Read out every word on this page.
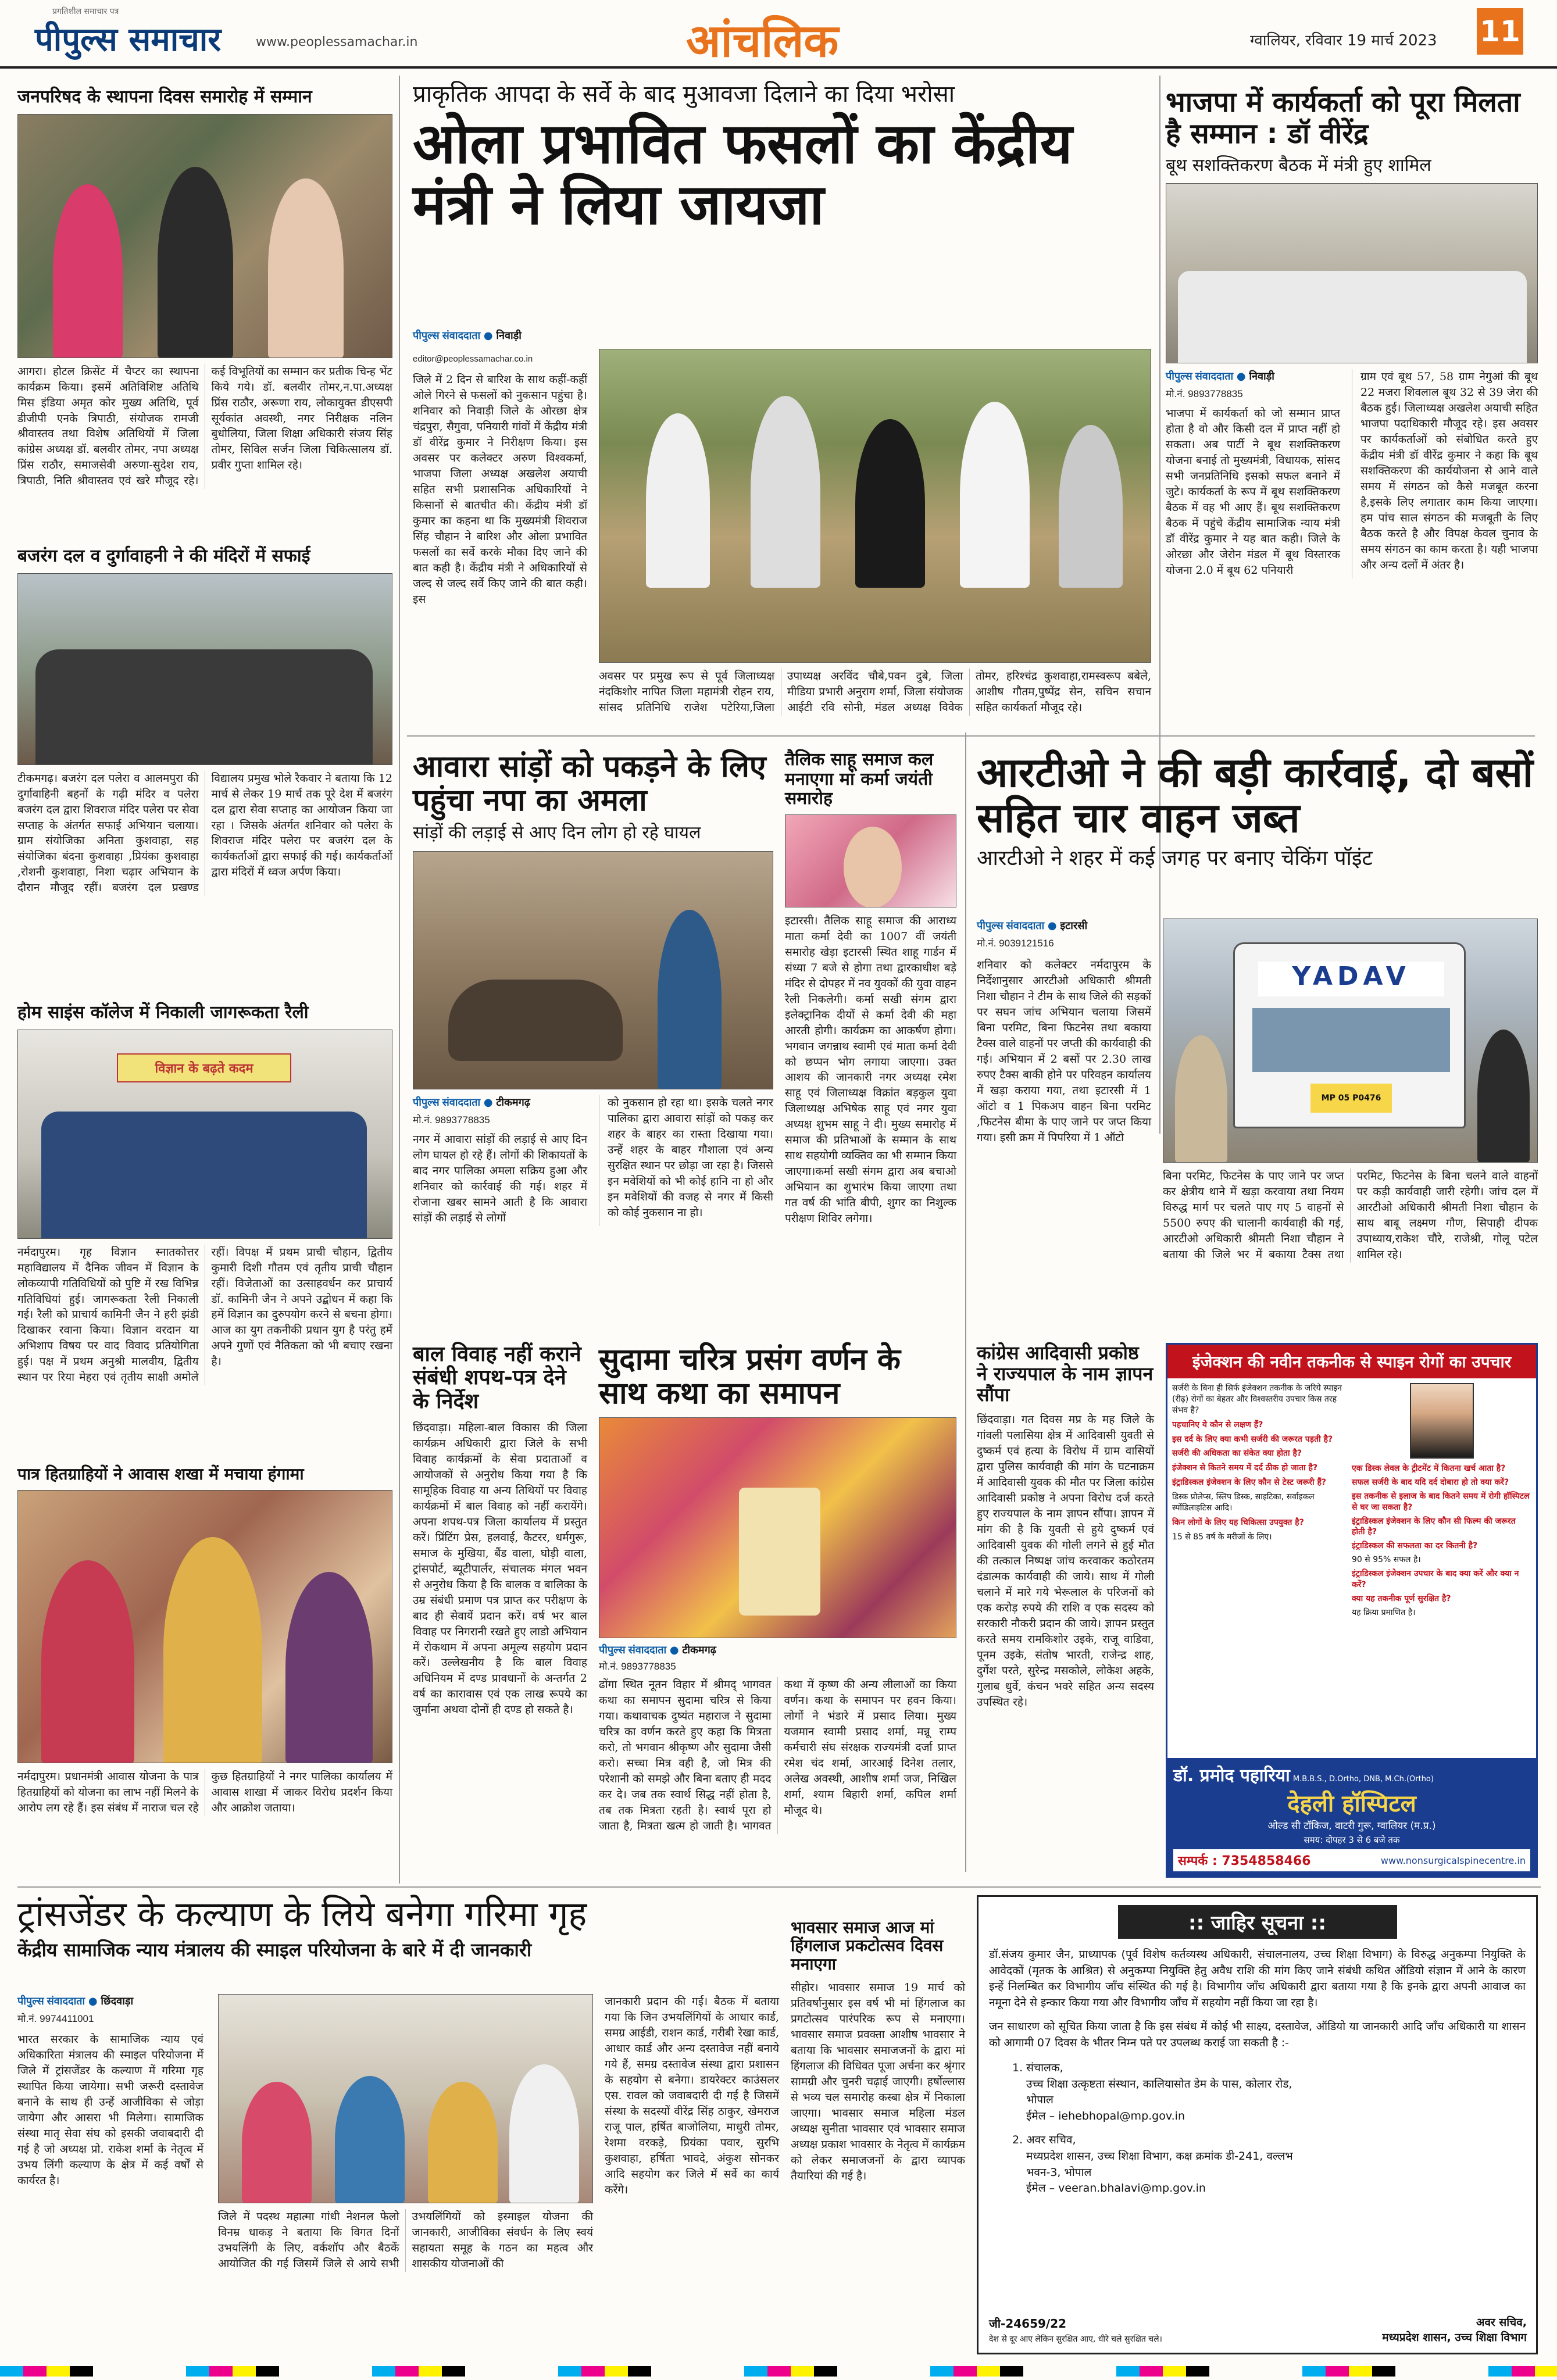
प्रगतिशील समाचार पत्र
पीपुल्स समाचार	www.peoplessamachar.in	आंचलिक	ग्वालियर, रविवार 19 मार्च 2023 11
जनपरिषद के स्थापना दिवस समारोह में सम्मान
आगरा। होटल क्रिसेंट में चैप्टर का स्थापना कार्यक्रम किया। इसमें अतिविशिष्ट अतिथि मिस इंडिया अमृत कोर मुख्य अतिथि, पूर्व डीजीपी एनके त्रिपाठी, संयोजक रामजी श्रीवास्तव तथा विशेष अतिथियों में जिला कांग्रेस अध्यक्ष डॉ. बलवीर तोमर, नपा अध्यक्ष प्रिंस राठौर, समाजसेवी अरुणा-सुदेश राय, त्रिपाठी, निति श्रीवास्तव एवं खरे मौजूद रहे।कई विभूतियों का सम्मान कर प्रतीक चिन्ह भेंट किये गये। डॉ. बलवीर तोमर,न.पा.अध्यक्ष प्रिंस राठौर, अरूणा राय, लोकायुक्त डीएसपी सूर्यकांत अवस्थी, नगर निरीक्षक नलिन बुधोलिया, जिला शिक्षा अधिकारी संजय सिंह तोमर, सिविल सर्जन जिला चिकित्सालय डॉ. प्रवीर गुप्ता शामिल रहे।
बजरंग दल व दुर्गावाहनी ने की मंदिरों में सफाई
टीकमगढ़। बजरंग दल पलेरा व आलमपुरा की दुर्गावाहिनी बहनों के गढ़ी मंदिर व पलेरा बजरंग दल द्वारा शिवराज मंदिर पलेरा पर सेवा सप्ताह के अंतर्गत सफाई अभियान चलाया। ग्राम संयोजिका अनिता कुशवाहा, सह संयोजिका बंदना कुशवाहा ,प्रियंका कुशवाहा ,रोशनी कुशवाहा, निशा चढ़ार अभियान के दौरान मौजूद रहीं। बजरंग दल प्रखण्ड विद्यालय प्रमुख भोले रैकवार ने बताया कि 12 मार्च से लेकर 19 मार्च तक पूरे देश में बजरंग दल द्वारा सेवा सप्ताह का आयोजन किया जा रहा । जिसके अंतर्गत शनिवार को पलेरा के शिवराज मंदिर पलेरा पर बजरंग दल के कार्यकर्ताओं द्वारा सफाई की गई। कार्यकर्ताओं द्वारा मंदिरों में ध्वज अर्पण किया।
होम साइंस कॉलेज में निकाली जागरूकता रैली
विज्ञान के बढ़ते कदम
नर्मदापुरम। गृह विज्ञान स्नातकोत्तर महाविद्यालय में दैनिक जीवन में विज्ञान के लोकव्यापी गतिविधियों को पुष्टि में रख विभिन्न गतिविधियां हुई। जागरूकता रैली निकाली गई। रैली को प्राचार्य कामिनी जैन ने हरी झंडी दिखाकर रवाना किया। विज्ञान वरदान या अभिशाप विषय पर वाद विवाद प्रतियोगिता हुई। पक्ष में प्रथम अनुश्री मालवीय, द्वितीय स्थान पर रिया मेहरा एवं तृतीय साक्षी अमोले रहीं। विपक्ष में प्रथम प्राची चौहान, द्वितीय कुमारी दिशी गौतम एवं तृतीय प्राची चौहान रहीं। विजेताओं का उत्साहवर्धन कर प्राचार्य डॉ. कामिनी जैन ने अपने उद्बोधन में कहा कि हमें विज्ञान का दुरुपयोग करने से बचना होगा। आज का युग तकनीकी प्रधान युग है परंतु हमें अपने गुणों एवं नैतिकता को भी बचाए रखना है।
पात्र हितग्राहियों ने आवास शखा में मचाया हंगामा
नर्मदापुरम। प्रधानमंत्री आवास योजना के पात्र हितग्राहियों को योजना का लाभ नहीं मिलने के आरोप लग रहे हैं। इस संबंध में नाराज चल रहे कुछ हितग्राहियों ने नगर पालिका कार्यालय में आवास शाखा में जाकर विरोध प्रदर्शन किया और आक्रोश जताया।
प्राकृतिक आपदा के सर्वे के बाद मुआवजा दिलाने का दिया भरोसा
ओला प्रभावित फसलों का केंद्रीय मंत्री ने लिया जायजा
पीपुल्स संवाददाता ● निवाड़ी
editor@peoplessamachar.co.in
जिले में 2 दिन से बारिश के साथ कहीं-कहीं ओले गिरने से फसलों को नुकसान पहुंचा है। शनिवार को निवाड़ी जिले के ओरछा क्षेत्र चंद्रपुरा, सैगुवा, पनियारी गांवों में केंद्रीय मंत्री डॉ वीरेंद्र कुमार ने निरीक्षण किया। इस अवसर पर कलेक्टर अरुण विश्वकर्मा, भाजपा जिला अध्यक्ष अखलेश अयाची सहित सभी प्रशासनिक अधिकारियों ने किसानों से बातचीत की। केंद्रीय मंत्री डॉ कुमार का कहना था कि मुख्यमंत्री शिवराज सिंह चौहान ने बारिश और ओला प्रभावित फसलों का सर्वे करके मौका दिए जाने की बात कही है। केंद्रीय मंत्री ने अधिकारियों से जल्द से जल्द सर्वे किए जाने की बात कही। इस
अवसर पर प्रमुख रूप से पूर्व जिलाध्यक्ष नंदकिशोर नापित जिला महामंत्री रोहन राय, सांसद प्रतिनिधि राजेश पटेरिया,जिला उपाध्यक्ष अरविंद चौबे,पवन दुबे, जिला मीडिया प्रभारी अनुराग शर्मा, जिला संयोजक आईटी रवि सोनी, मंडल अध्यक्ष विवेक तोमर, हरिश्चंद्र कुशवाहा,रामस्वरूप बबेले, आशीष गौतम,पुष्पेंद्र सेन, सचिन सचान सहित कार्यकर्ता मौजूद रहे।
भाजपा में कार्यकर्ता को पूरा मिलता है सम्मान : डॉ वीरेंद्र
बूथ सशक्तिकरण बैठक में मंत्री हुए शामिल
पीपुल्स संवाददाता ● निवाड़ी
मो.नं. 9893778835
भाजपा में कार्यकर्ता को जो सम्मान प्राप्त होता है वो और किसी दल में प्राप्त नहीं हो सकता। अब पार्टी ने बूथ सशक्तिकरण योजना बनाई तो मुख्यमंत्री, विधायक, सांसद सभी जनप्रतिनिधि इसको सफल बनाने में जुटे। कार्यकर्ता के रूप में बूथ सशक्तिकरण बैठक में वह भी आए हैं। बूथ सशक्तिकरण बैठक में पहुंचे केंद्रीय सामाजिक न्याय मंत्री डॉ वीरेंद्र कुमार ने यह बात कही। जिले के ओरछा और जेरोन मंडल में बूथ विस्तारक योजना 2.0 में बूथ 62 पनियारी
ग्राम एवं बूथ 57, 58 ग्राम नेगुआं की बूथ 22 मजरा शिवलाल बूथ 32 से 39 जेरा की बैठक हुई। जिलाध्यक्ष अखलेश अयाची सहित भाजपा पदाधिकारी मौजूद रहे। इस अवसर पर कार्यकर्ताओं को संबोधित करते हुए केंद्रीय मंत्री डॉ वीरेंद्र कुमार ने कहा कि बूथ सशक्तिकरण की कार्ययोजना से आने वाले समय में संगठन को कैसे मजबूत करना है,इसके लिए लगातार काम किया जाएगा। हम पांच साल संगठन की मजबूती के लिए बैठक करते है और विपक्ष केवल चुनाव के समय संगठन का काम करता है। यही भाजपा और अन्य दलों में अंतर है।
आवारा सांड़ों को पकड़ने के लिए पहुंचा नपा का अमला
सांड़ों की लड़ाई से आए दिन लोग हो रहे घायल
पीपुल्स संवाददाता ● टीकमगढ़
मो.नं. 9893778835
नगर में आवारा सांड़ों की लड़ाई से आए दिन लोग घायल हो रहे हैं। लोगों की शिकायतों के बाद नगर पालिका अमला सक्रिय हुआ और शनिवार को कार्रवाई की गई। शहर में रोजाना खबर सामने आती है कि आवारा सांड़ों की लड़ाई से लोगों
को नुकसान हो रहा था। इसके चलते नगर पालिका द्वारा आवारा सांड़ों को पकड़ कर शहर के बाहर का रास्ता दिखाया गया। उन्हें शहर के बाहर गौशाला एवं अन्य सुरक्षित स्थान पर छोड़ा जा रहा है। जिससे इन मवेशियों को भी कोई हानि ना हो और इन मवेशियों की वजह से नगर में किसी को कोई नुकसान ना हो।
तैलिक साहू समाज कल मनाएगा मां कर्मा जयंती समारोह
इटारसी। तैलिक साहू समाज की आराध्य माता कर्मा देवी का 1007 वीं जयंती समारोह खेड़ा इटारसी स्थित शाहू गार्डन में संध्या 7 बजे से होगा तथा द्वारकाधीश बड़े मंदिर से दोपहर में नव युवकों की युवा वाहन रैली निकलेगी। कर्मा सखी संगम द्वारा इलेक्ट्रानिक दीयों से कर्मा देवी की महा आरती होगी। कार्यक्रम का आकर्षण होगा। भगवान जगन्नाथ स्वामी एवं माता कर्मा देवी को छप्पन भोग लगाया जाएगा। उक्त आशय की जानकारी नगर अध्यक्ष रमेश साहू एवं जिलाध्यक्ष विक्रांत बड़कुल युवा जिलाध्यक्ष अभिषेक साहू एवं नगर युवा अध्यक्ष शुभम साहू ने दी। मुख्य समारोह में समाज की प्रतिभाओं के सम्मान के साथ साथ सहयोगी व्यक्तिव का भी सम्मान किया जाएगा।कर्मा सखी संगम द्वारा अब बचाओ अभियान का शुभारंभ किया जाएगा तथा गत वर्ष की भांति बीपी, शुगर का निशुल्क परीक्षण शिविर लगेगा।
आरटीओ ने की बड़ी कार्रवाई, दो बसों सहित चार वाहन जब्त
आरटीओ ने शहर में कई जगह पर बनाए चेकिंग पॉइंट
पीपुल्स संवाददाता ● इटारसी
मो.नं. 9039121516
शनिवार को कलेक्टर नर्मदापुरम के निर्देशानुसार आरटीओ अधिकारी श्रीमती निशा चौहान ने टीम के साथ जिले की सड़कों पर सघन जांच अभियान चलाया जिसमें बिना परमिट, बिना फिटनेस तथा बकाया टैक्स वाले वाहनों पर जप्ती की कार्यवाही की गई। अभियान में 2 बसों पर 2.30 लाख रुपए टैक्स बाकी होने पर परिवहन कार्यालय में खड़ा कराया गया, तथा इटारसी में 1 ऑटो व 1 पिकअप वाहन बिना परमिट ,फिटनेस बीमा के पाए जाने पर जप्त किया गया। इसी क्रम में पिपरिया में 1 ऑटो
YADAV
MP 05 P0476
बिना परमिट, फिटनेस के पाए जाने पर जप्त कर क्षेत्रीय थाने में खड़ा करवाया तथा नियम विरुद्ध मार्ग पर चलते पाए गए 5 वाहनों से 5500 रुपए की चालानी कार्यवाही की गई, आरटीओ अधिकारी श्रीमती निशा चौहान ने बताया की जिले भर में बकाया टैक्स तथा परमिट, फिटनेस के बिना चलने वाले वाहनों पर कड़ी कार्यवाही जारी रहेगी। जांच दल में आरटीओ अधिकारी श्रीमती निशा चौहान के साथ बाबू लक्ष्मण गौण, सिपाही दीपक उपाध्याय,राकेश चौरे, राजेश्री, गोलू पटेल शामिल रहे।
बाल विवाह नहीं कराने संबंधी शपथ-पत्र देने के निर्देश
छिंदवाड़ा। महिला-बाल विकास की जिला कार्यक्रम अधिकारी द्वारा जिले के सभी विवाह कार्यक्रमों के सेवा प्रदाताओं व आयोजकों से अनुरोध किया गया है कि सामूहिक विवाह या अन्य तिथियों पर विवाह कार्यक्रमों में बाल विवाह को नहीं करायेंगे। अपना शपथ-पत्र जिला कार्यालय में प्रस्तुत करें। प्रिंटिंग प्रेस, हलवाई, कैटरर, धर्मगुरू, समाज के मुखिया, बैंड वाला, घोड़ी वाला, ट्रांसपोर्ट, ब्यूटीपार्लर, संचालक मंगल भवन से अनुरोध किया है कि बालक व बालिका के उम्र संबंधी प्रमाण पत्र प्राप्त कर परीक्षण के बाद ही सेवायें प्रदान करें। वर्ष भर बाल विवाह पर निगरानी रखते हुए लाडो अभियान में रोकथाम में अपना अमूल्य सहयोग प्रदान करें। उल्लेखनीय है कि बाल विवाह अधिनियम में दण्ड प्रावधानों के अन्तर्गत 2 वर्ष का कारावास एवं एक लाख रूपये का जुर्माना अथवा दोनों ही दण्ड हो सकते है।
सुदामा चरित्र प्रसंग वर्णन के साथ कथा का समापन
पीपुल्स संवाददाता ● टीकमगढ़
मो.नं. 9893778835
ढोंगा स्थित नूतन विहार में श्रीमद् भागवत कथा का समापन सुदामा चरित्र से किया गया। कथावाचक दुष्यंत महाराज ने सुदामा चरित्र का वर्णन करते हुए कहा कि मित्रता करो, तो भगवान श्रीकृष्ण और सुदामा जैसी करो। सच्चा मित्र वही है, जो मित्र की परेशानी को समझे और बिना बताए ही मदद कर दे। जब तक स्वार्थ सिद्ध नहीं होता है, तब तक मित्रता रहती है। स्वार्थ पूरा हो जाता है, मित्रता खत्म हो जाती है। भागवत कथा में कृष्ण की अन्य लीलाओं का किया वर्णन। कथा के समापन पर हवन किया। लोगों ने भंडारे में प्रसाद लिया। मुख्य यजमान स्वामी प्रसाद शर्मा, मन्नू राम्प कर्मचारी संघ संरक्षक राज्यमंत्री दर्जा प्राप्त रमेश चंद शर्मा, आरआई दिनेश तलार, अलेख अवस्थी, आशीष शर्मा जज, निखिल शर्मा, श्याम बिहारी शर्मा, कपिल शर्मा मौजूद थे।
कांग्रेस आदिवासी प्रकोष्ठ ने राज्यपाल के नाम ज्ञापन सौंपा
छिंदवाड़ा। गत दिवस मप्र के मह जिले के गांवली पलासिया क्षेत्र में आदिवासी युवती से दुष्कर्म एवं हत्या के विरोध में ग्राम वासियों द्वारा पुलिस कार्यवाही की मांग के घटनाक्रम में आदिवासी युवक की मौत पर जिला कांग्रेस आदिवासी प्रकोष्ठ ने अपना विरोध दर्ज करते हुए राज्यपाल के नाम ज्ञापन सौंपा। ज्ञापन में मांग की है कि युवती से हुये दुष्कर्म एवं आदिवासी युवक की गोली लगने से हुई मौत की तत्काल निष्पक्ष जांच करवाकर कठोरतम दंडात्मक कार्यवाही की जाये। साथ में गोली चलाने में मारे गये भेरूलाल के परिजनों को एक करोड़ रुपये की राशि व एक सदस्य को सरकारी नौकरी प्रदान की जाये। ज्ञापन प्रस्तुत करते समय रामकिशोर उइके, राजू वाडिवा, पूनम उइके, संतोष भारती, राजेन्द्र शाह, दुर्गेश परते, सुरेन्द्र मसकोले, लोकेश अहके, गुलाब धुर्वे, कंचन भवरे सहित अन्य सदस्य उपस्थित रहे।
इंजेक्शन की नवीन तकनीक से स्पाइन रोगों का उपचार
सर्जरी के बिना ही सिर्फ इंजेक्शन तकनीक के जरिये स्पाइन (रीढ़) रोगों का बेहतर और विश्वस्तरीय उपचार किस तरह संभव है?
पहचानिए ये कौन से लक्षण हैं?
इस दर्द के लिए क्या कभी सर्जरी की जरूरत पड़ती है?
सर्जरी की अधिकता का संकेत क्या होता है?
इंजेक्शन से कितने समय में दर्द ठीक हो जाता है?
इंट्राडिस्कल इंजेक्शन के लिए कौन से टेस्ट जरूरी हैं?
डिस्क प्रोलेप्स, स्लिप डिस्क, साइटिका, सर्वाइकल स्पोंडिलाइटिस आदि।
किन लोगों के लिए यह चिकित्सा उपयुक्त है?
15 से 85 वर्ष के मरीजों के लिए।
एक डिस्क लेवल के ट्रीटमेंट में कितना खर्च आता है?
सफल सर्जरी के बाद यदि दर्द दोबारा हो तो क्या करें?
इस तकनीक से इलाज के बाद कितने समय में रोगी हॉस्पिटल से घर जा सकता है?
इंट्राडिस्कल इंजेक्शन के लिए कौन सी फिल्म की जरूरत होती है?
इंट्राडिस्कल की सफलता का दर कितनी है?
90 से 95% सफल है।
इंट्राडिस्कल इंजेक्शन उपचार के बाद क्या करें और क्या न करें?
क्या यह तकनीक पूर्ण सुरक्षित है?
यह क्रिया प्रमाणित है।
डॉ. प्रमोद पहारिया M.B.B.S., D.Ortho, DNB, M.Ch.(Ortho)
देहली हॉस्पिटल
ओल्ड सी टॉकिज, वाटरी गुरू, ग्वालियर (म.प्र.)
समय: दोपहर 3 से 6 बजे तक
सम्पर्क : 7354858466	www.nonsurgicalspinecentre.in
ट्रांसजेंडर के कल्याण के लिये बनेगा गरिमा गृह
केंद्रीय सामाजिक न्याय मंत्रालय की स्माइल परियोजना के बारे में दी जानकारी
पीपुल्स संवाददाता ● छिंदवाड़ा
मो.नं. 9974411001
भारत सरकार के सामाजिक न्याय एवं अधिकारिता मंत्रालय की स्माइल परियोजना में जिले में ट्रांसजेंडर के कल्याण में गरिमा गृह स्थापित किया जायेगा। सभी जरूरी दस्तावेज बनाने के साथ ही उन्हें आजीविका से जोड़ा जायेगा और आसरा भी मिलेगा। सामाजिक संस्था मातृ सेवा संघ को इसकी जवाबदारी दी गई है जो अध्यक्ष प्रो. राकेश शर्मा के नेतृत्व में उभय लिंगी कल्याण के क्षेत्र में कई वर्षों से कार्यरत है।
जिले में पदस्थ महात्मा गांधी नेशनल फेलो विनम्र धाकड़ ने बताया कि विगत दिनों उभयलिंगी के लिए, वर्कशॉप और बैठकें आयोजित की गई जिसमें जिले से आये सभी उभयलिंगियों को इस्माइल योजना की जानकारी, आजीविका संवर्धन के लिए स्वयं सहायता समूह के गठन का महत्व और शासकीय योजनाओं की
जानकारी प्रदान की गई। बैठक में बताया गया कि जिन उभयलिंगियों के आधार कार्ड, समग्र आईडी, राशन कार्ड, गरीबी रेखा कार्ड, आधार कार्ड और अन्य दस्तावेज नहीं बनाये गये हैं, समग्र दस्तावेज संस्था द्वारा प्रशासन के सहयोग से बनेगा। डायरेक्टर काउंसलर एस. रावल को जवाबदारी दी गई है जिसमें संस्था के सदस्यों वीरेंद्र सिंह ठाकुर, खेमराज राजू पाल, हर्षित बाजोलिया, माधुरी तोमर, रेशमा वरकड़े, प्रियंका पवार, सुरभि कुशवाहा, हर्षिता भावदे, अंकुश सोनकर आदि सहयोग कर जिले में सर्वे का कार्य करेंगे।
भावसार समाज आज मां हिंगलाज प्रकटोत्सव दिवस मनाएगा
सीहोर। भावसार समाज 19 मार्च को प्रतिवर्षानुसार इस वर्ष भी मां हिंगलाज का प्रगटोत्सव पारंपरिक रूप से मनाएगा। भावसार समाज प्रवक्ता आशीष भावसार ने बताया कि भावसार समाजजनों के द्वारा मां हिंगलाज की विधिवत पूजा अर्चना कर श्रृंगार सामग्री और चुनरी चढ़ाई जाएगी। हर्षोल्लास से भव्य चल समारोह कस्बा क्षेत्र में निकाला जाएगा। भावसार समाज महिला मंडल अध्यक्ष सुनीता भावसार एवं भावसार समाज अध्यक्ष प्रकाश भावसार के नेतृत्व में कार्यक्रम को लेकर समाजजनों के द्वारा व्यापक तैयारियां की गई है।
:: जाहिर सूचना ::
डॉ.संजय कुमार जैन, प्राध्यापक (पूर्व विशेष कर्तव्यस्थ अधिकारी, संचालनालय, उच्च शिक्षा विभाग) के विरुद्ध अनुकम्पा नियुक्ति के आवेदकों (मृतक के आश्रित) से अनुकम्पा नियुक्ति हेतु अवैध राशि की मांग किए जाने संबंधी कथित ऑडियो संज्ञान में आने के कारण इन्हें निलम्बित कर विभागीय जाँच संस्थित की गई है। विभागीय जाँच अधिकारी द्वारा बताया गया है कि इनके द्वारा अपनी आवाज का नमूना देने से इन्कार किया गया और विभागीय जाँच में सहयोग नहीं किया जा रहा है।
जन साधारण को सूचित किया जाता है कि इस संबंध में कोई भी साक्ष्य, दस्तावेज, ऑडियो या जानकारी आदि जाँच अधिकारी या शासन को आगामी 07 दिवस के भीतर निम्न पते पर उपलब्ध कराई जा सकती है :-
1. संचालक,
उच्च शिक्षा उत्कृष्टता संस्थान, कालियासोत डेम के पास, कोलार रोड, भोपाल
ईमेल – iehebhopal@mp.gov.in
2. अवर सचिव,
मध्यप्रदेश शासन, उच्च शिक्षा विभाग, कक्ष क्रमांक डी-241, वल्लभ भवन-3, भोपाल
ईमेल – veeran.bhalavi@mp.gov.in
जी-24659/22
देश से दूर आए लेकिन सुरक्षित आए, धीरे चले सुरक्षित चले।
अवर सचिव,
मध्यप्रदेश शासन, उच्च शिक्षा विभाग
